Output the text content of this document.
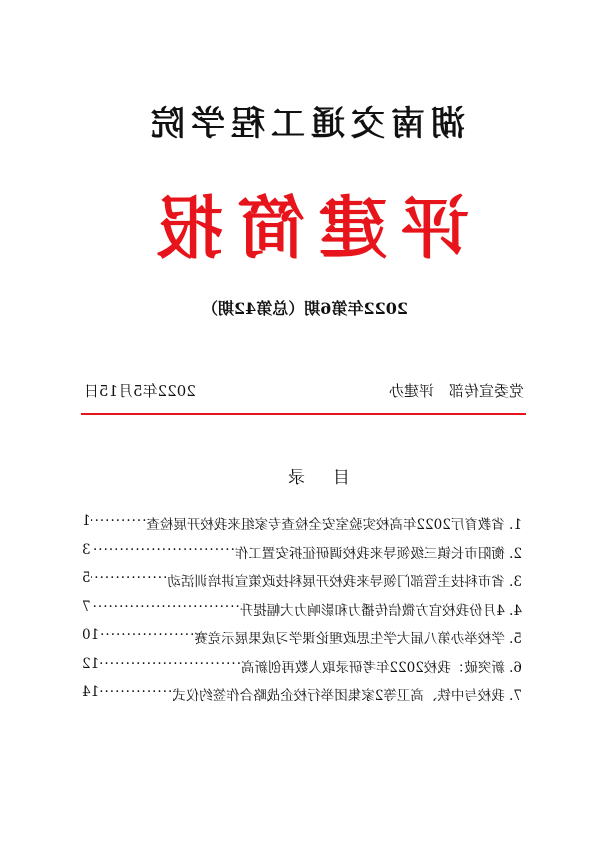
湖南交通工程学院
评建简报
2022年第6期（总第42期）
党委宣传部　评建办
2022年5月15日
目录
1. 省教育厅2022年高校实验室安全检查专家组来我校开展检查
·····
1
2. 衡阳市长镇三级领导来我校调研征拆安置工作
·····
3
3. 省市科技主管部门领导来我校开展科技政策宣讲培训活动
·····
5
4. 4月份我校官方微信传播力和影响力大幅提升
·····
7
5. 学校举办第八届大学生思政理论课学习成果展示竞赛
·····
10
6. 新突破：我校2022年考研录取人数再创新高
·····
12
7. 我校与中铁、高卫等2家集团举行校企战略合作签约仪式
·····
14
